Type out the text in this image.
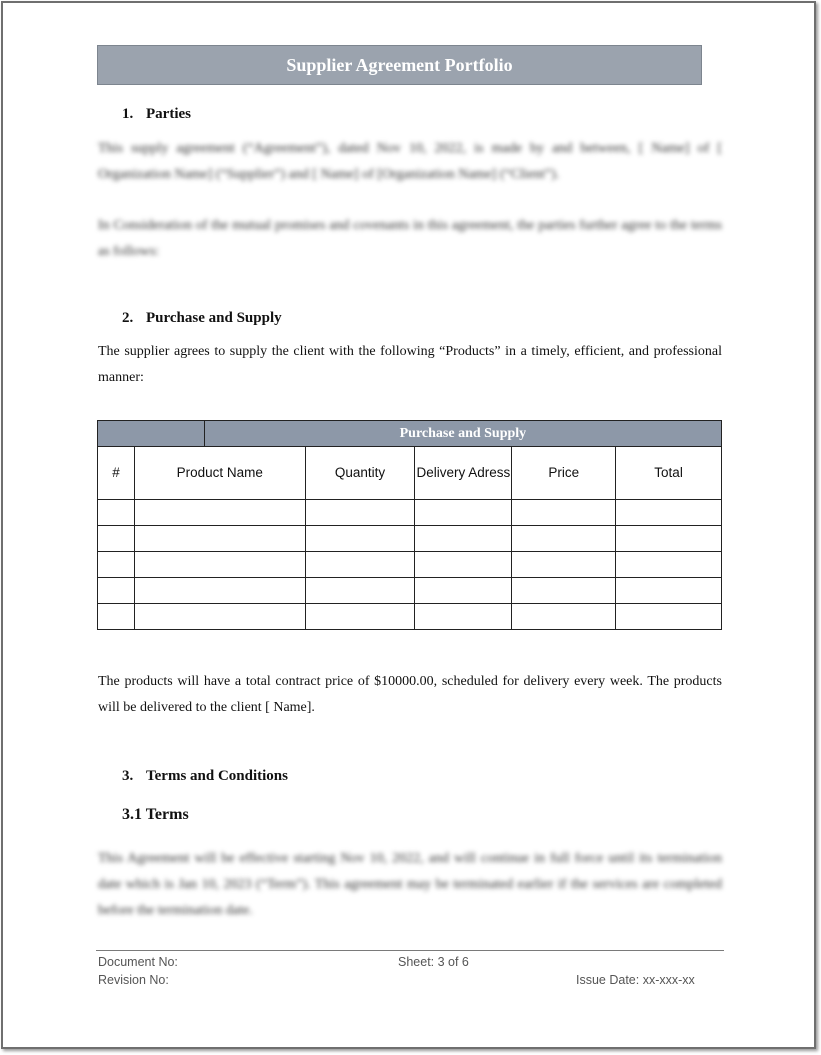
Supplier Agreement Portfolio
1. Parties
This supply agreement (“Agreement”), dated Nov 10, 2022, is made by and between, [ Name] of [ Organization Name] (“Supplier”) and [ Name] of [Organization Name] (“Client”).
In Consideration of the mutual promises and covenants in this agreement, the parties further agree to the terms as follows:
2. Purchase and Supply
The supplier agrees to supply the client with the following “Products” in a timely, efficient, and professional manner:
		Purchase and Supply				
#	Product Name		Quantity	Delivery Adress	Price	Total

The products will have a total contract price of $10000.00, scheduled for delivery every week. The products will be delivered to the client [ Name].
3. Terms and Conditions
3.1 Terms
This Agreement will be effective starting Nov 10, 2022, and will continue in full force until its termination date which is Jan 10, 2023 (“Term”). This agreement may be terminated earlier if the services are completed before the termination date.
Document No:
Revision No:
Sheet: 3 of 6
Issue Date: xx-xxx-xx
